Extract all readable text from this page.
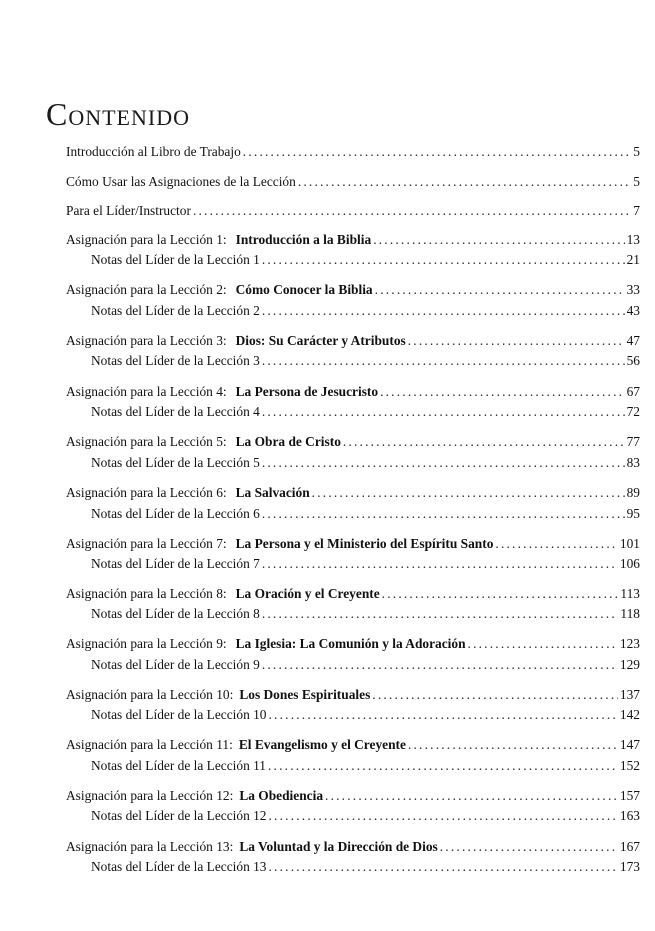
Contenido
Introducción al Libro de Trabajo .....	5
Cómo Usar las Asignaciones de la Lección .....	5
Para el Líder/Instructor .....	7
Asignación para la Lección 1: Introducción a la Biblia .....	13
Notas del Líder de la Lección 1 .....	21
Asignación para la Lección 2: Cómo Conocer la Biblia .....	33
Notas del Líder de la Lección 2 .....	43
Asignación para la Lección 3: Dios: Su Carácter y Atributos .....	47
Notas del Líder de la Lección 3 .....	56
Asignación para la Lección 4: La Persona de Jesucristo .....	67
Notas del Líder de la Lección 4 .....	72
Asignación para la Lección 5: La Obra de Cristo .....	77
Notas del Líder de la Lección 5 .....	83
Asignación para la Lección 6: La Salvación .....	89
Notas del Líder de la Lección 6 .....	95
Asignación para la Lección 7: La Persona y el Ministerio del Espíritu Santo .....	101
Notas del Líder de la Lección 7 .....	106
Asignación para la Lección 8: La Oración y el Creyente .....	113
Notas del Líder de la Lección 8 .....	118
Asignación para la Lección 9: La Iglesia: La Comunión y la Adoración .....	123
Notas del Líder de la Lección 9 .....	129
Asignación para la Lección 10: Los Dones Espirituales .....	137
Notas del Líder de la Lección 10 .....	142
Asignación para la Lección 11: El Evangelismo y el Creyente .....	147
Notas del Líder de la Lección 11 .....	152
Asignación para la Lección 12: La Obediencia .....	157
Notas del Líder de la Lección 12 .....	163
Asignación para la Lección 13: La Voluntad y la Dirección de Dios .....	167
Notas del Líder de la Lección 13 .....	173
